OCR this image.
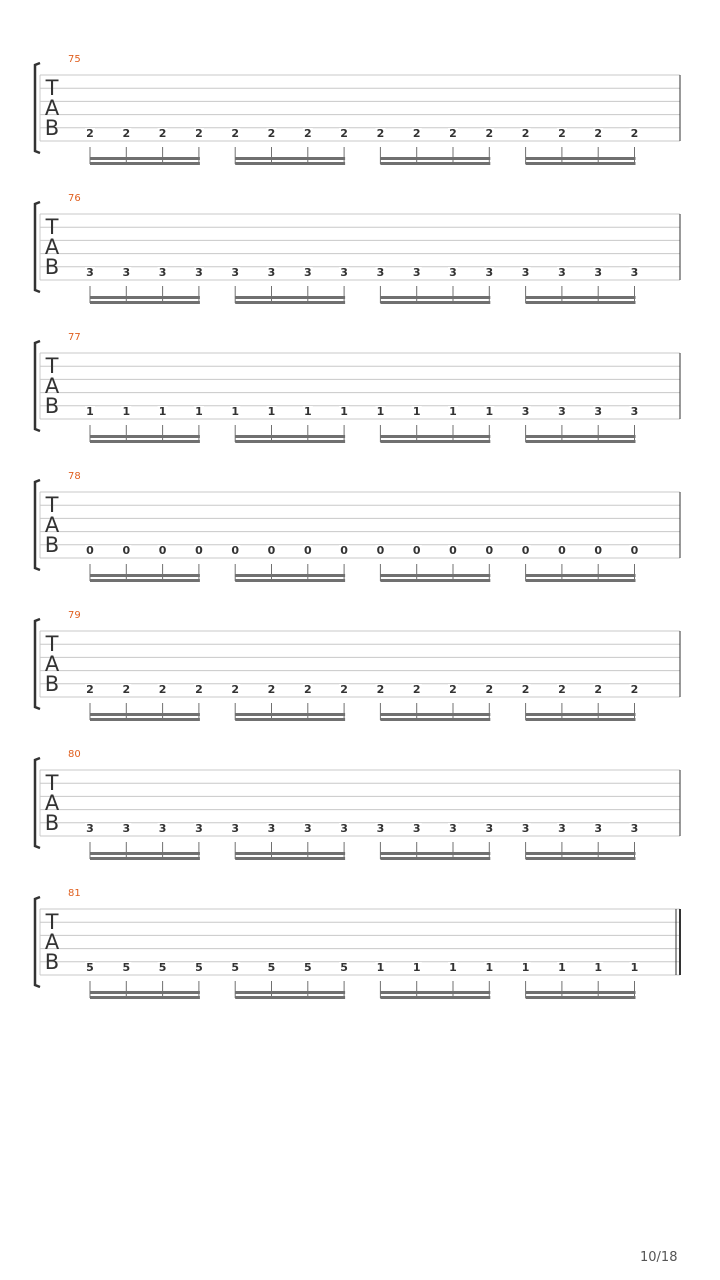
T
A
B
75
2	2	2	2	2	2	2	2	2	2	2	2	2	2	2	2
T
A
B
76
3	3	3	3	3	3	3	3	3	3	3	3	3	3	3	3
T
A
B
77
1	1	1	1	1	1	1	1	1	1	1	1	3	3	3	3
T
A
B
78
0	0	0	0	0	0	0	0	0	0	0	0	0	0	0	0
T
A
B
79
2	2	2	2	2	2	2	2	2	2	2	2	2	2	2	2
T
A
B
80
3	3	3	3	3	3	3	3	3	3	3	3	3	3	3	3
T
A
B
81
5	5	5	5	5	5	5	5	1	1	1	1	1	1	1	1
10/18
